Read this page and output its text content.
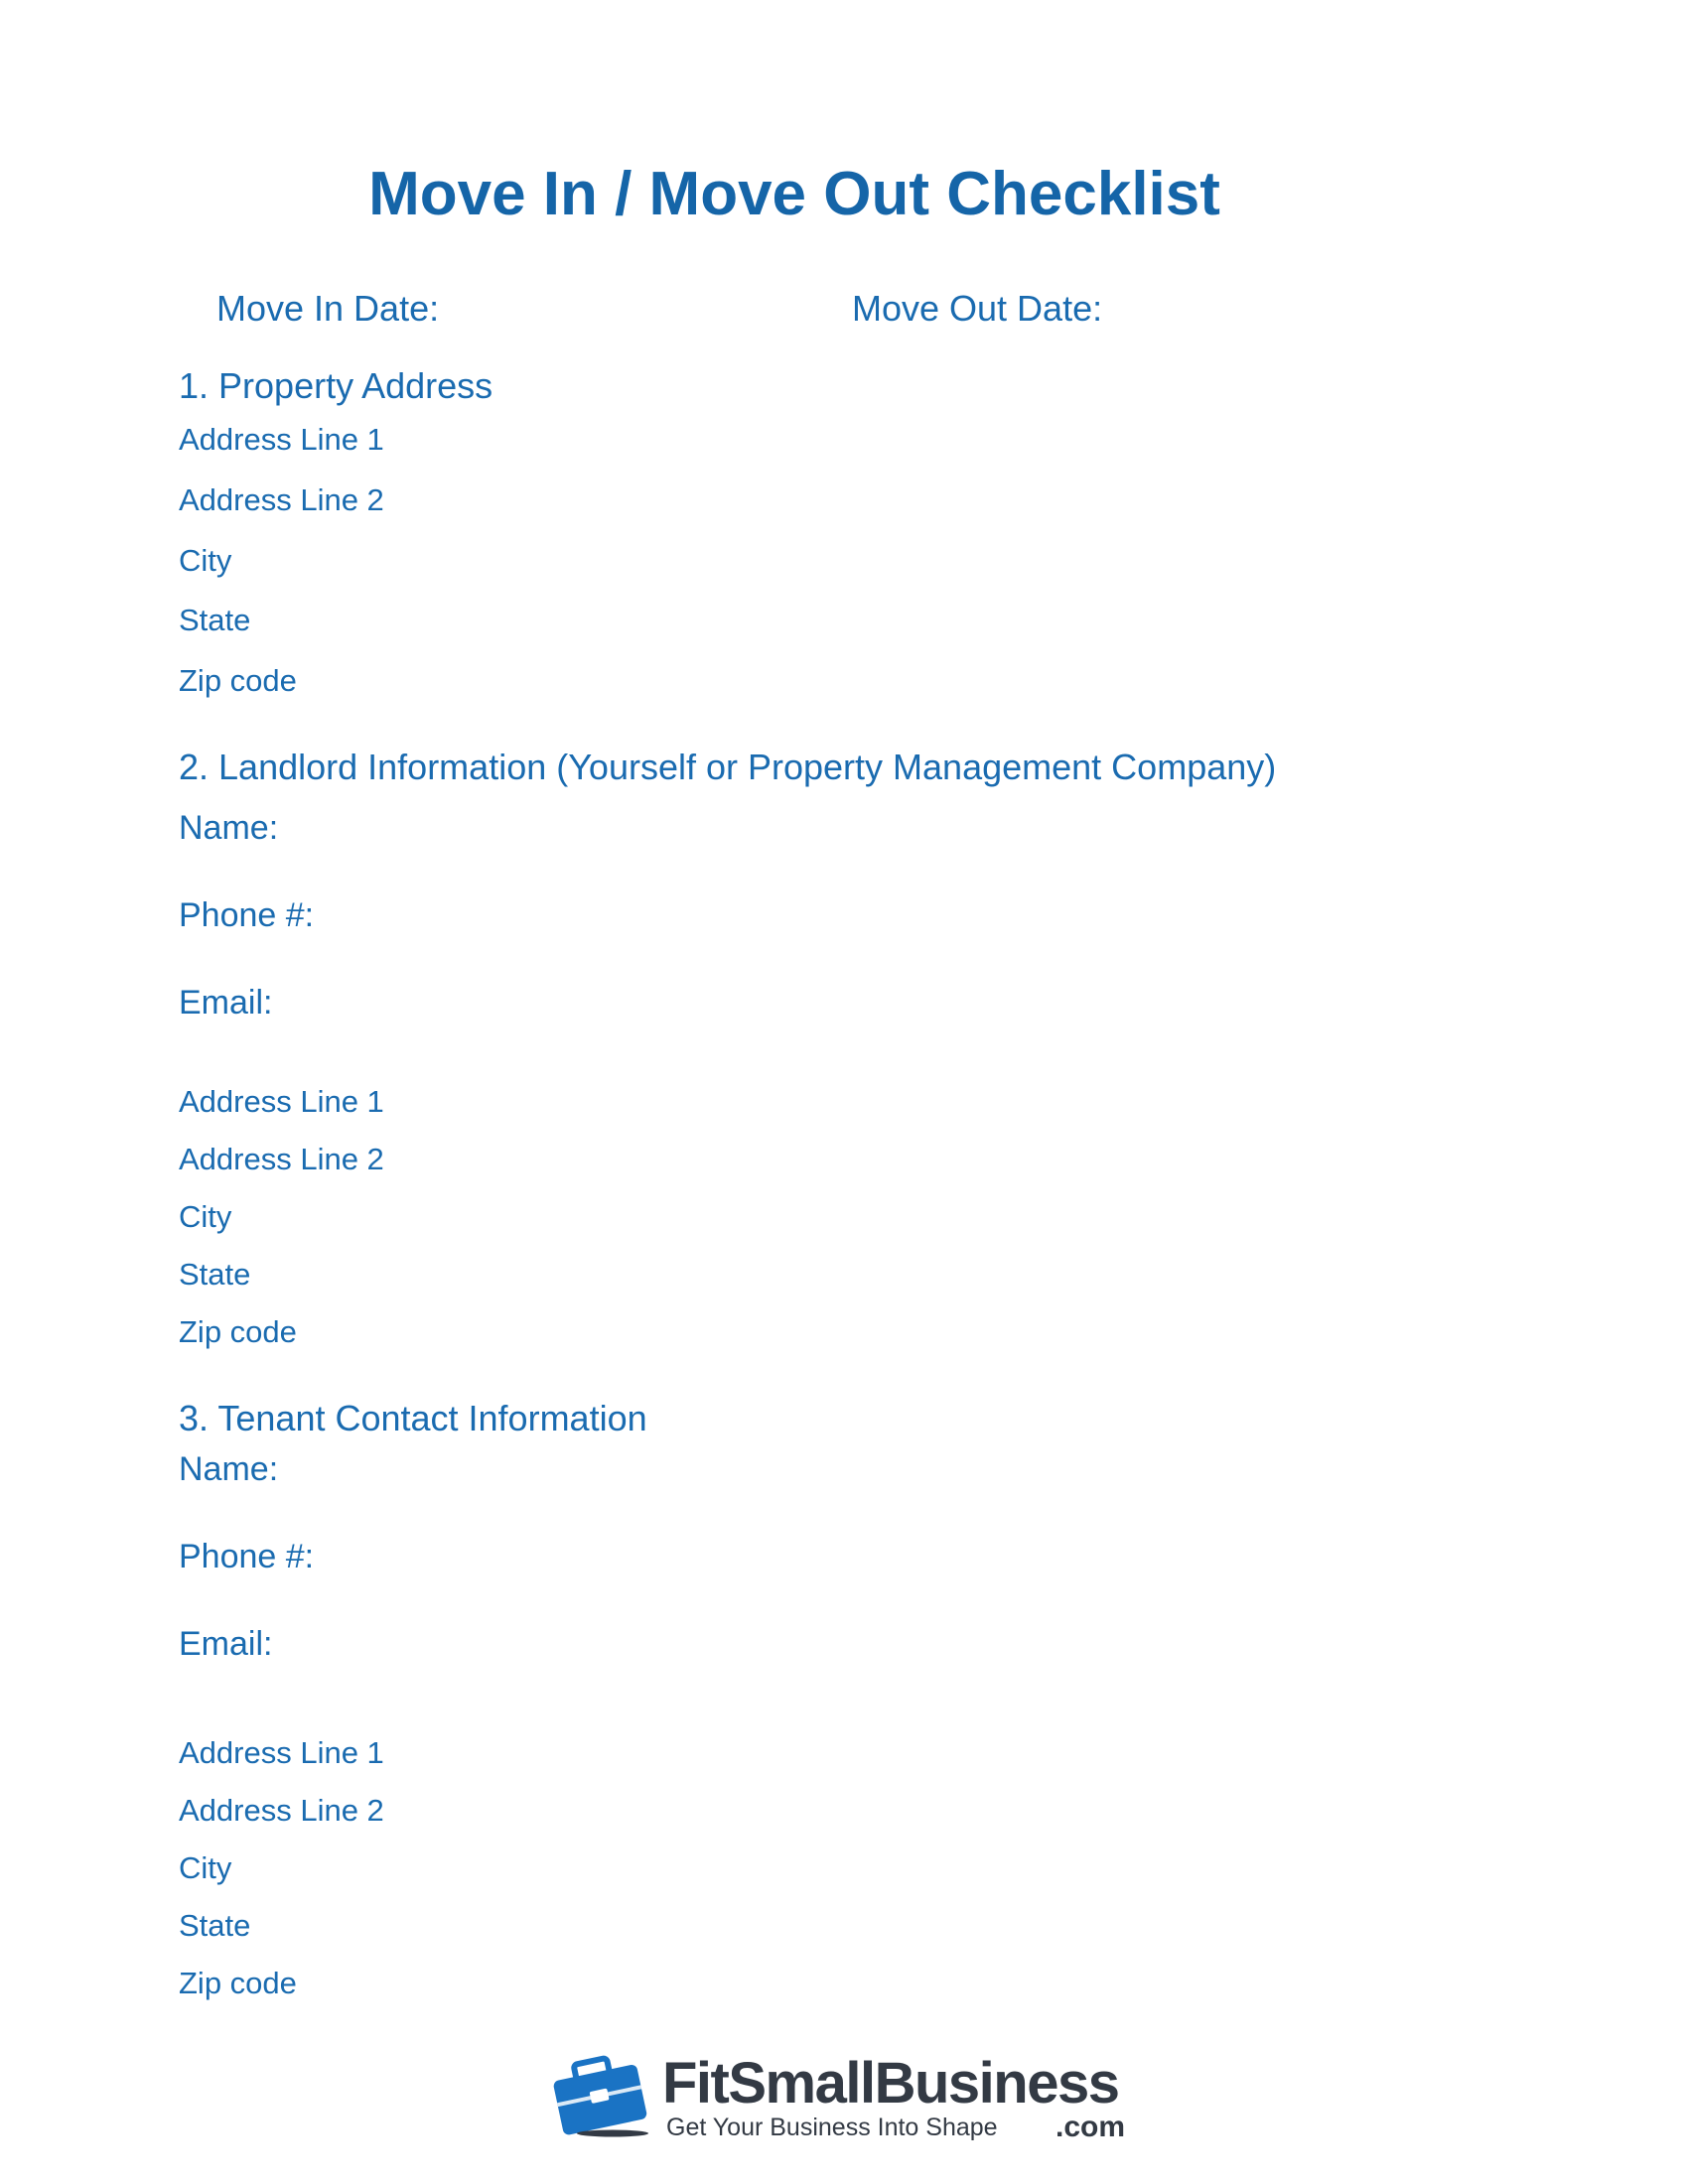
Move In / Move Out Checklist
Move In Date:	Move Out Date:
1. Property Address
Address Line 1
Address Line 2
City
State
Zip code
2. Landlord Information (Yourself or Property Management Company)
Name:
Phone #:
Email:
Address Line 1
Address Line 2
City
State
Zip code
3. Tenant Contact Information
Name:
Phone #:
Email:
Address Line 1
Address Line 2
City
State
Zip code
FitSmallBusiness
Get Your Business Into Shape .com
